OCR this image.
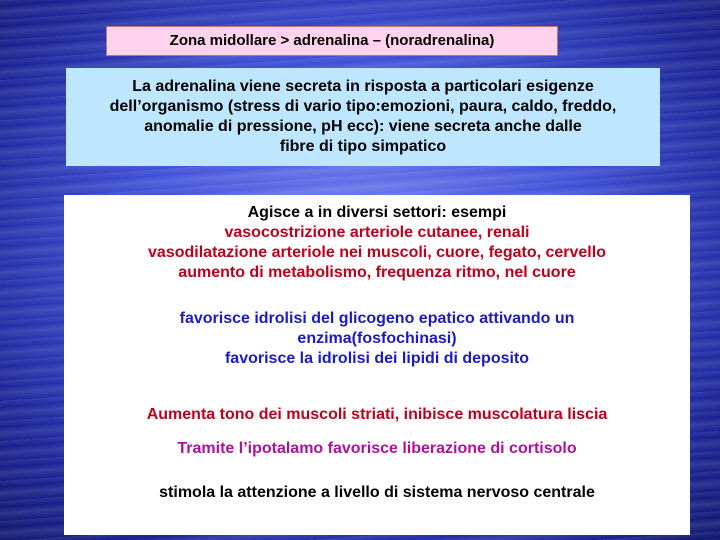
Zona midollare > adrenalina – (noradrenalina)
La adrenalina viene secreta in risposta a particolari esigenze
dell’organismo (stress di vario tipo:emozioni, paura, caldo, freddo,
anomalie di pressione, pH ecc): viene secreta anche dalle
fibre di tipo simpatico
Agisce a in diversi settori: esempi
vasocostrizione arteriole cutanee, renali
vasodilatazione arteriole nei muscoli, cuore, fegato, cervello
aumento di metabolismo, frequenza ritmo, nel cuore
favorisce idrolisi del glicogeno epatico attivando un
enzima(fosfochinasi)
favorisce la idrolisi dei lipidi di deposito
Aumenta tono dei muscoli striati, inibisce muscolatura liscia
Tramite l’ipotalamo favorisce liberazione di cortisolo
stimola la attenzione a livello di sistema nervoso centrale
